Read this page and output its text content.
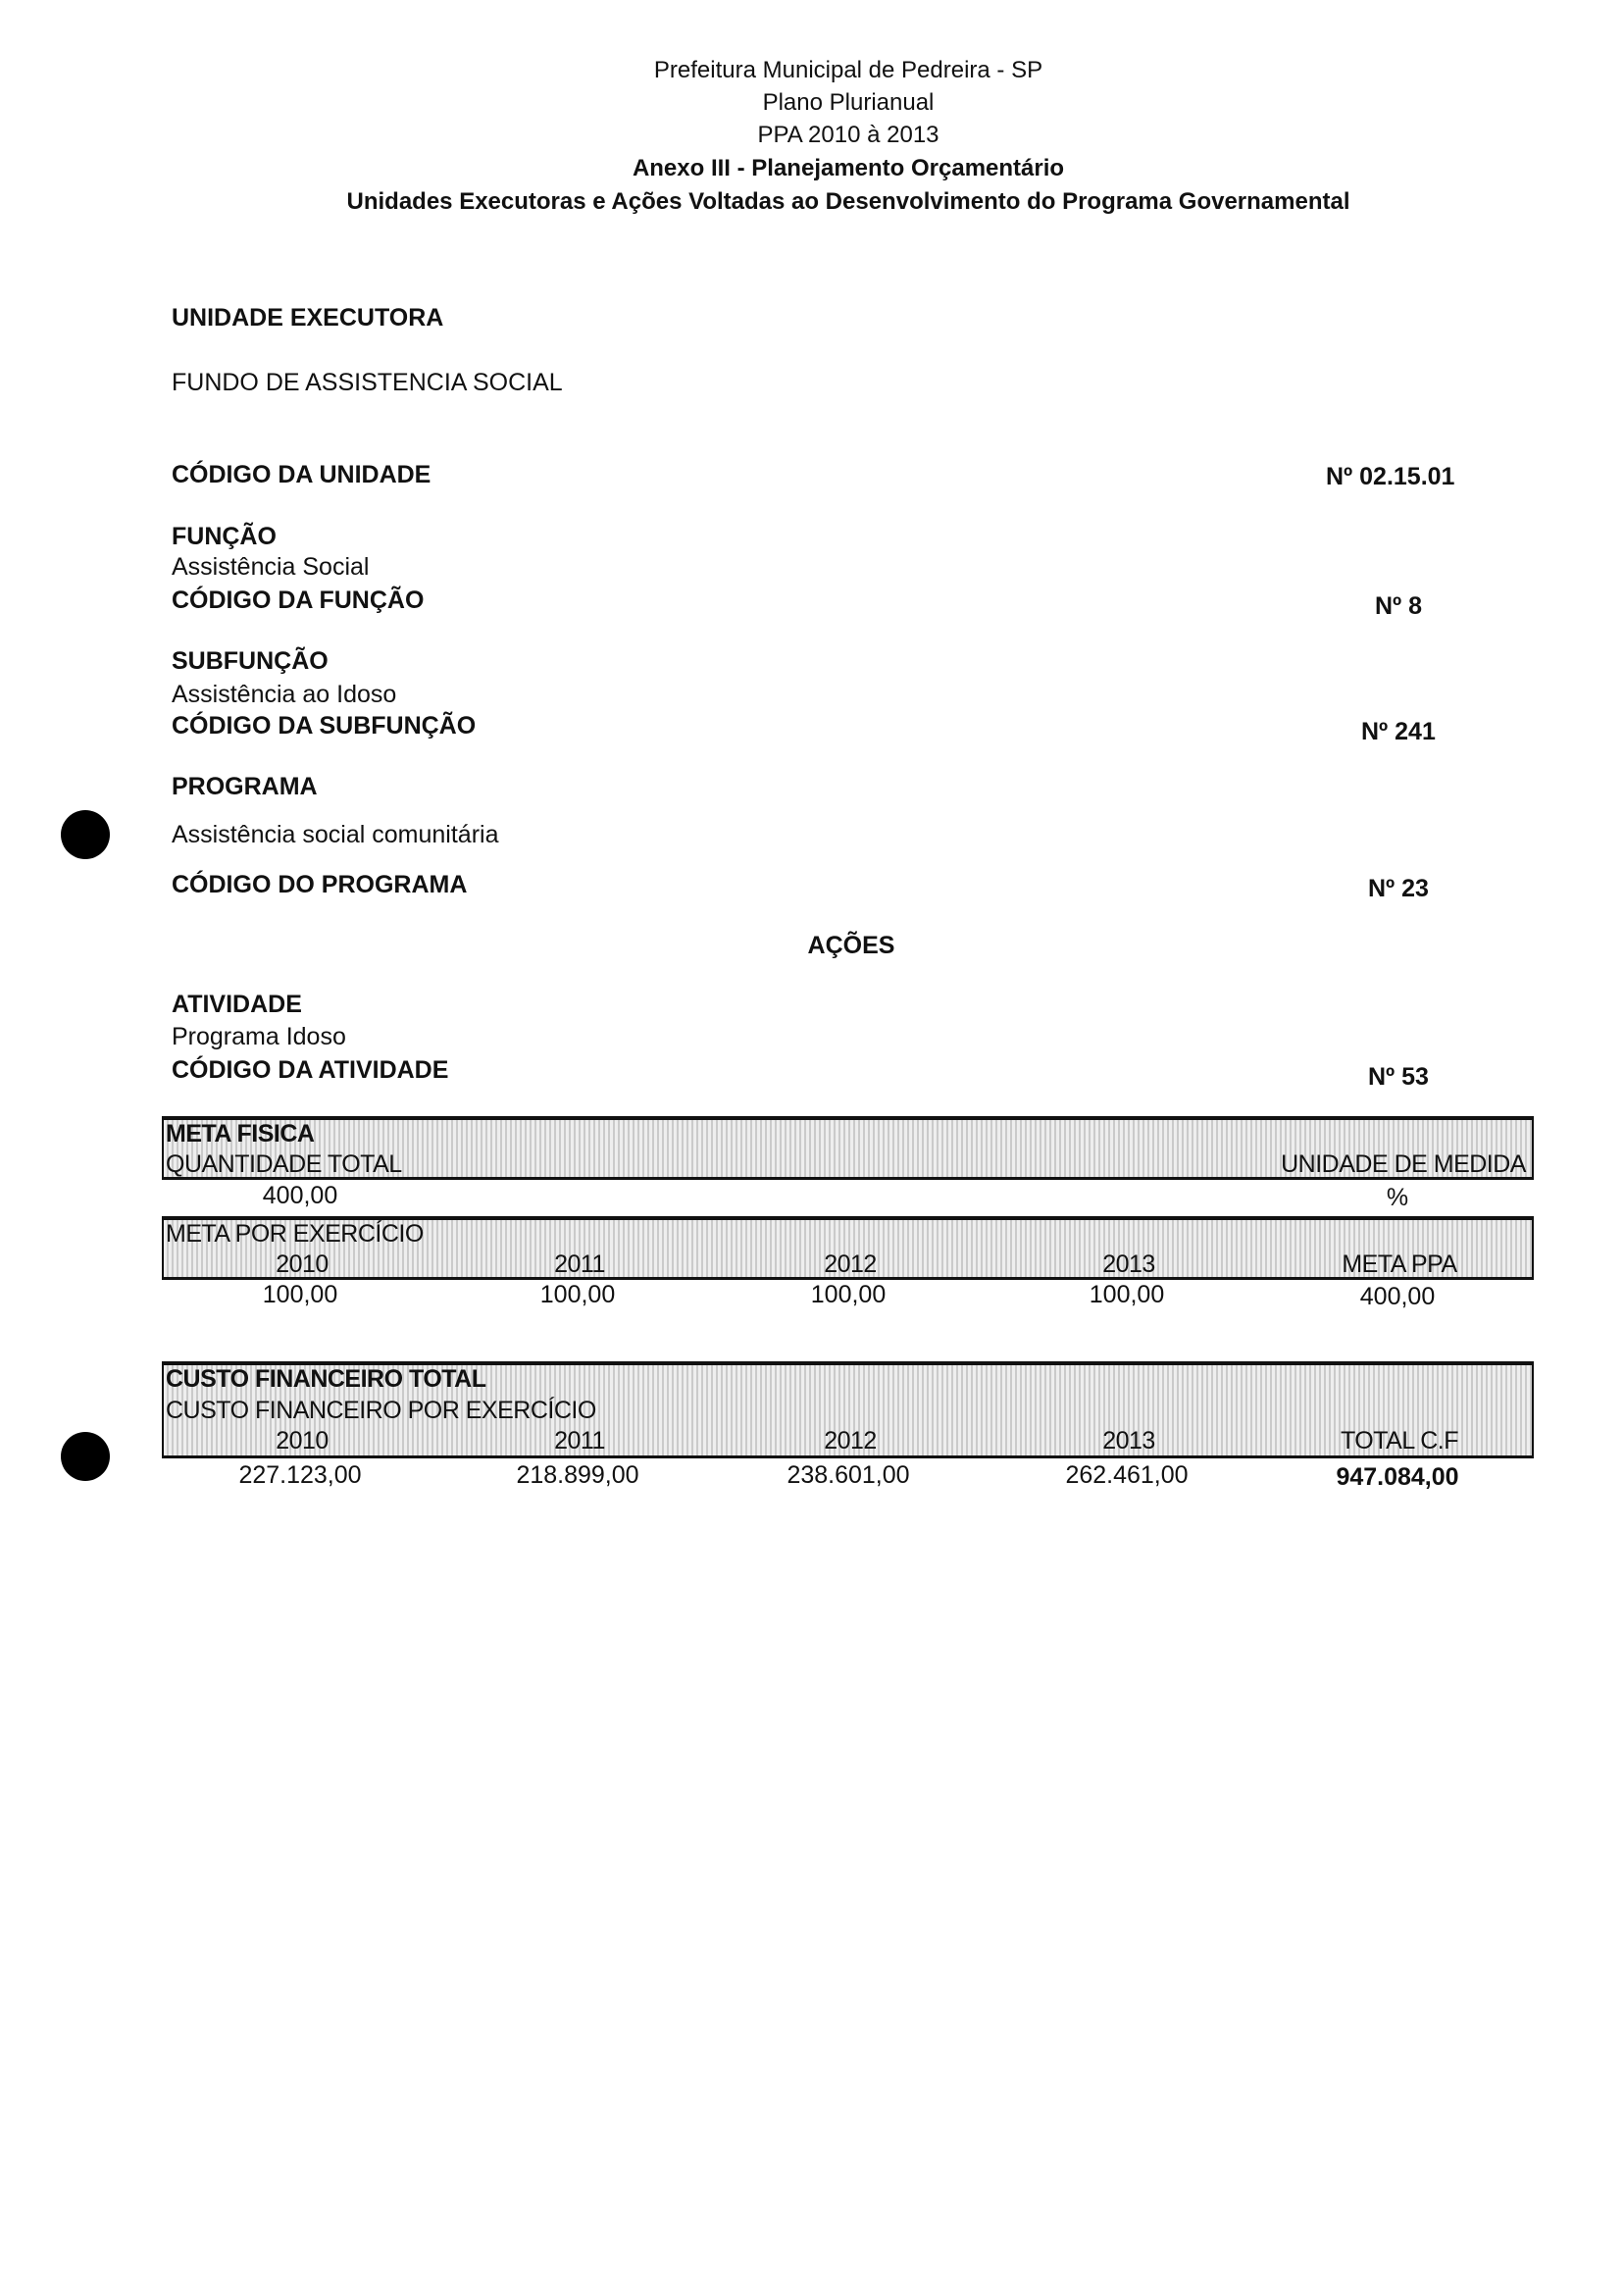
Prefeitura Municipal de Pedreira - SP
Plano Plurianual
PPA 2010 à 2013
Anexo III - Planejamento Orçamentário
Unidades Executoras e Ações Voltadas ao Desenvolvimento do Programa Governamental
UNIDADE EXECUTORA
FUNDO DE ASSISTENCIA SOCIAL
CÓDIGO DA UNIDADE	Nº 02.15.01
FUNÇÃO
Assistência Social
CÓDIGO DA FUNÇÃO	Nº 8
SUBFUNÇÃO
Assistência ao Idoso
CÓDIGO DA SUBFUNÇÃO	Nº 241
PROGRAMA
Assistência social comunitária
CÓDIGO DO PROGRAMA	Nº 23
AÇÕES
ATIVIDADE
Programa Idoso
CÓDIGO DA ATIVIDADE	Nº 53
META FISICA
QUANTIDADE TOTAL	UNIDADE DE MEDIDA
400,00	%
META POR EXERCÍCIO
2010	2011	2012	2013	META PPA
100,00	100,00	100,00	100,00	400,00
CUSTO FINANCEIRO TOTAL
CUSTO FINANCEIRO POR EXERCÍCIO
2010	2011	2012	2013	TOTAL C.F
227.123,00	218.899,00	238.601,00	262.461,00	947.084,00
